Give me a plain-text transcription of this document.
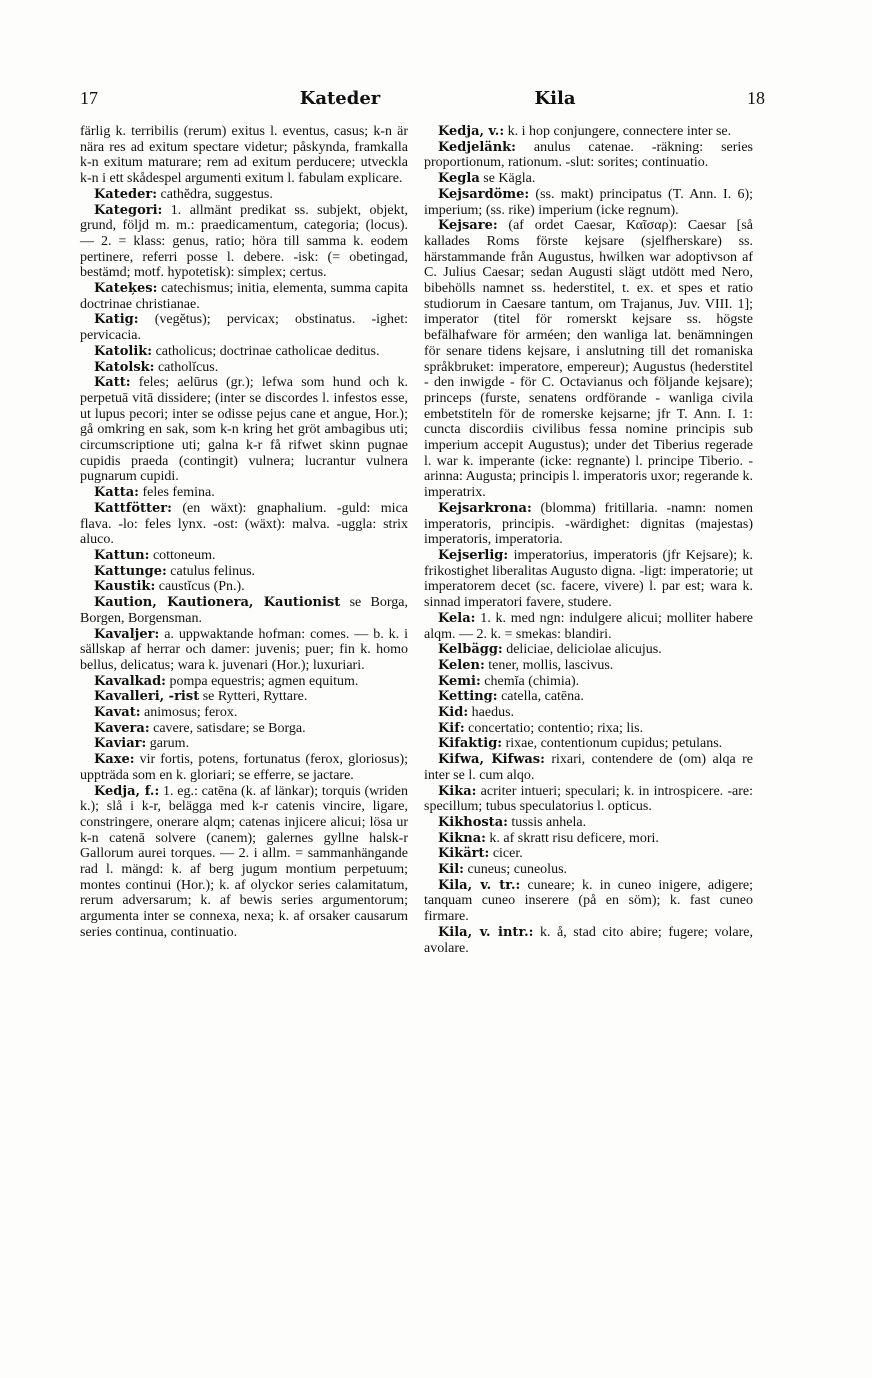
17	Kateder	Kila	18

färlig k. terribilis (rerum) exitus l. eventus, casus; k-n är nära res ad exitum spectare videtur; påskynda, framkalla k-n exitum maturare; rem ad exitum perducere; utveckla k-n i ett skådespel argumenti exitum l. fabulam explicare.

Kateder: cathĕdra, suggestus.

Kategori: 1. allmänt predikat ss. subjekt, objekt, grund, följd m. m.: praedicamentum, categoria; (locus). — 2. = klass: genus, ratio; höra till samma k. eodem pertinere, referri posse l. debere. -isk: (= obetingad, bestämd; motf. hypotetisk): simplex; certus.

Kateķes: catechismus; initia, elementa, summa capita doctrinae christianae.

Katig: (vegĕtus); pervicax; obstinatus. -ighet: pervicacia.

Katolik: catholicus; doctrinae catholicae deditus.

Katolsk: catholĭcus.

Katt: feles; aelūrus (gr.); lefwa som hund och k. perpetuā vitā dissidere; (inter se discordes l. infestos esse, ut lupus pecori; inter se odisse pejus cane et angue, Hor.); gå omkring en sak, som k-n kring het gröt ambagibus uti; circumscriptione uti; galna k-r få rifwet skinn pugnae cupidis praeda (contingit) vulnera; lucrantur vulnera pugnarum cupidi.

Katta: feles femina.

Kattfötter: (en wäxt): gnaphalium. -guld: mica flava. -lo: feles lynx. -ost: (wäxt): malva. -uggla: strix aluco.

Kattun: cottoneum.

Kattunge: catulus felinus.

Kaustik: caustĭcus (Pn.).

Kaution, Kautionera, Kautionist se Borga, Borgen, Borgensman.

Kavaljer: a. uppwaktande hofman: comes. — b. k. i sällskap af herrar och damer: juvenis; puer; fin k. homo bellus, delicatus; wara k. juvenari (Hor.); luxuriari.

Kavalkad: pompa equestris; agmen equitum.

Kavalleri, -rist se Rytteri, Ryttare.

Kavat: animosus; ferox.

Kavera: cavere, satisdare; se Borga.

Kaviar: garum.

Kaxe: vir fortis, potens, fortunatus (ferox, gloriosus); uppträda som en k. gloriari; se efferre, se jactare.

Kedja, f.: 1. eg.: catēna (k. af länkar); torquis (wriden k.); slå i k-r, belägga med k-r catenis vincire, ligare, constringere, onerare alqm; catenas injicere alicui; lösa ur k-n catenā solvere (canem); galernes gyllne halsk-r Gallorum aurei torques. — 2. i allm. = sammanhängande rad l. mängd: k. af berg jugum montium perpetuum; montes continui (Hor.); k. af olyckor series calamitatum, rerum adversarum; k. af bewis series argumentorum; argumenta inter se connexa, nexa; k. af orsaker causarum series continua, continuatio.

Kedja, v.: k. i hop conjungere, connectere inter se.

Kedjelänk: anulus catenae. -räkning: series proportionum, rationum. -slut: sorites; continuatio.

Kegla se Kägla.

Kejsardöme: (ss. makt) principatus (T. Ann. I. 6); imperium; (ss. rike) imperium (icke regnum).

Kejsare: (af ordet Caesar, Καῖσαρ): Caesar [så kallades Roms förste kejsare (sjelfherskare) ss. härstammande från Augustus, hwilken war adoptivson af C. Julius Caesar; sedan Augusti slägt utdött med Nero, bibehölls namnet ss. hederstitel, t. ex. et spes et ratio studiorum in Caesare tantum, om Trajanus, Juv. VIII. 1]; imperator (titel för romerskt kejsare ss. högste befälhafware för arméen; den wanliga lat. benämningen för senare tidens kejsare, i anslutning till det romaniska språkbruket: imperatore, empereur); Augustus (hederstitel - den inwigde - för C. Octavianus och följande kejsare); princeps (furste, senatens ordförande - wanliga civila embetstiteln för de romerske kejsarne; jfr T. Ann. I. 1: cuncta discordiis civilibus fessa nomine principis sub imperium accepit Augustus); under det Tiberius regerade l. war k. imperante (icke: regnante) l. principe Tiberio. -arinna: Augusta; principis l. imperatoris uxor; regerande k. imperatrix.

Kejsarkrona: (blomma) fritillaria. -namn: nomen imperatoris, principis. -wärdighet: dignitas (majestas) imperatoris, imperatoria.

Kejserlig: imperatorius, imperatoris (jfr Kejsare); k. frikostighet liberalitas Augusto digna. -ligt: imperatorie; ut imperatorem decet (sc. facere, vivere) l. par est; wara k. sinnad imperatori favere, studere.

Kela: 1. k. med ngn: indulgere alicui; molliter habere alqm. — 2. k. = smekas: blandiri.

Kelbägg: deliciae, deliciolae alicujus.

Kelen: tener, mollis, lascivus.

Kemi: chemĭa (chimia).

Ketting: catella, catēna.

Kid: haedus.

Kif: concertatio; contentio; rixa; lis.

Kifaktig: rixae, contentionum cupidus; petulans.

Kifwa, Kifwas: rixari, contendere de (om) alqa re inter se l. cum alqo.

Kika: acriter intueri; speculari; k. in introspicere. -are: specillum; tubus speculatorius l. opticus.

Kikhosta: tussis anhela.

Kikna: k. af skratt risu deficere, mori.

Kikärt: cicer.

Kil: cuneus; cuneolus.

Kila, v. tr.: cuneare; k. in cuneo inigere, adigere; tanquam cuneo inserere (på en söm); k. fast cuneo firmare.

Kila, v. intr.: k. å, stad cito abire; fugere; volare, avolare.
